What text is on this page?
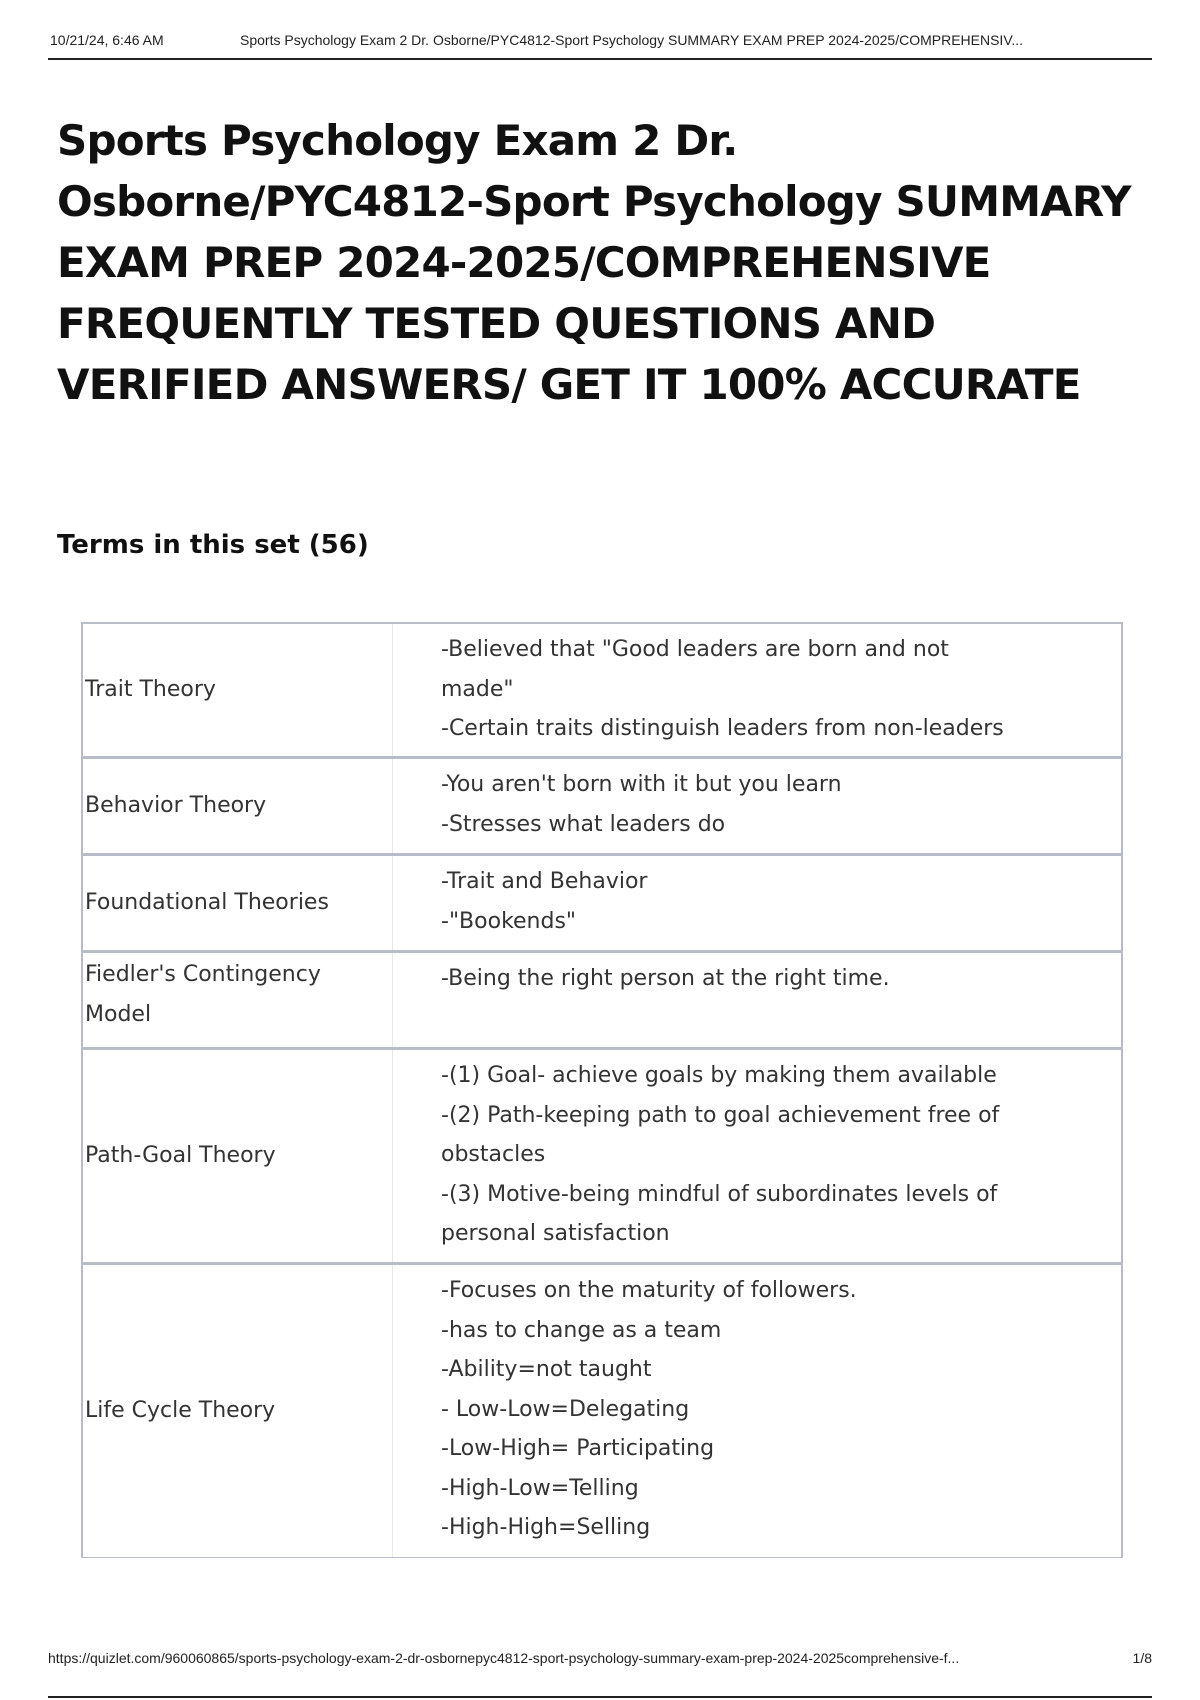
10/21/24, 6:46 AM	Sports Psychology Exam 2 Dr. Osborne/PYC4812-Sport Psychology SUMMARY EXAM PREP 2024-2025/COMPREHENSIV...
Sports Psychology Exam 2 Dr. Osborne/PYC4812-Sport Psychology SUMMARY EXAM PREP 2024-2025/COMPREHENSIVE FREQUENTLY TESTED QUESTIONS AND VERIFIED ANSWERS/ GET IT 100% ACCURATE
Terms in this set (56)
Trait Theory
-Believed that "Good leaders are born and not
made"
-Certain traits distinguish leaders from non-leaders
Behavior Theory
-You aren't born with it but you learn
-Stresses what leaders do
Foundational Theories
-Trait and Behavior
-"Bookends"
Fiedler's Contingency Model
-Being the right person at the right time.
Path-Goal Theory
-(1) Goal- achieve goals by making them available
-(2) Path-keeping path to goal achievement free of
obstacles
-(3) Motive-being mindful of subordinates levels of
personal satisfaction
Life Cycle Theory
-Focuses on the maturity of followers.
-has to change as a team
-Ability=not taught
- Low-Low=Delegating
-Low-High= Participating
-High-Low=Telling
-High-High=Selling
https://quizlet.com/960060865/sports-psychology-exam-2-dr-osbornepyc4812-sport-psychology-summary-exam-prep-2024-2025comprehensive-f...	1/8
